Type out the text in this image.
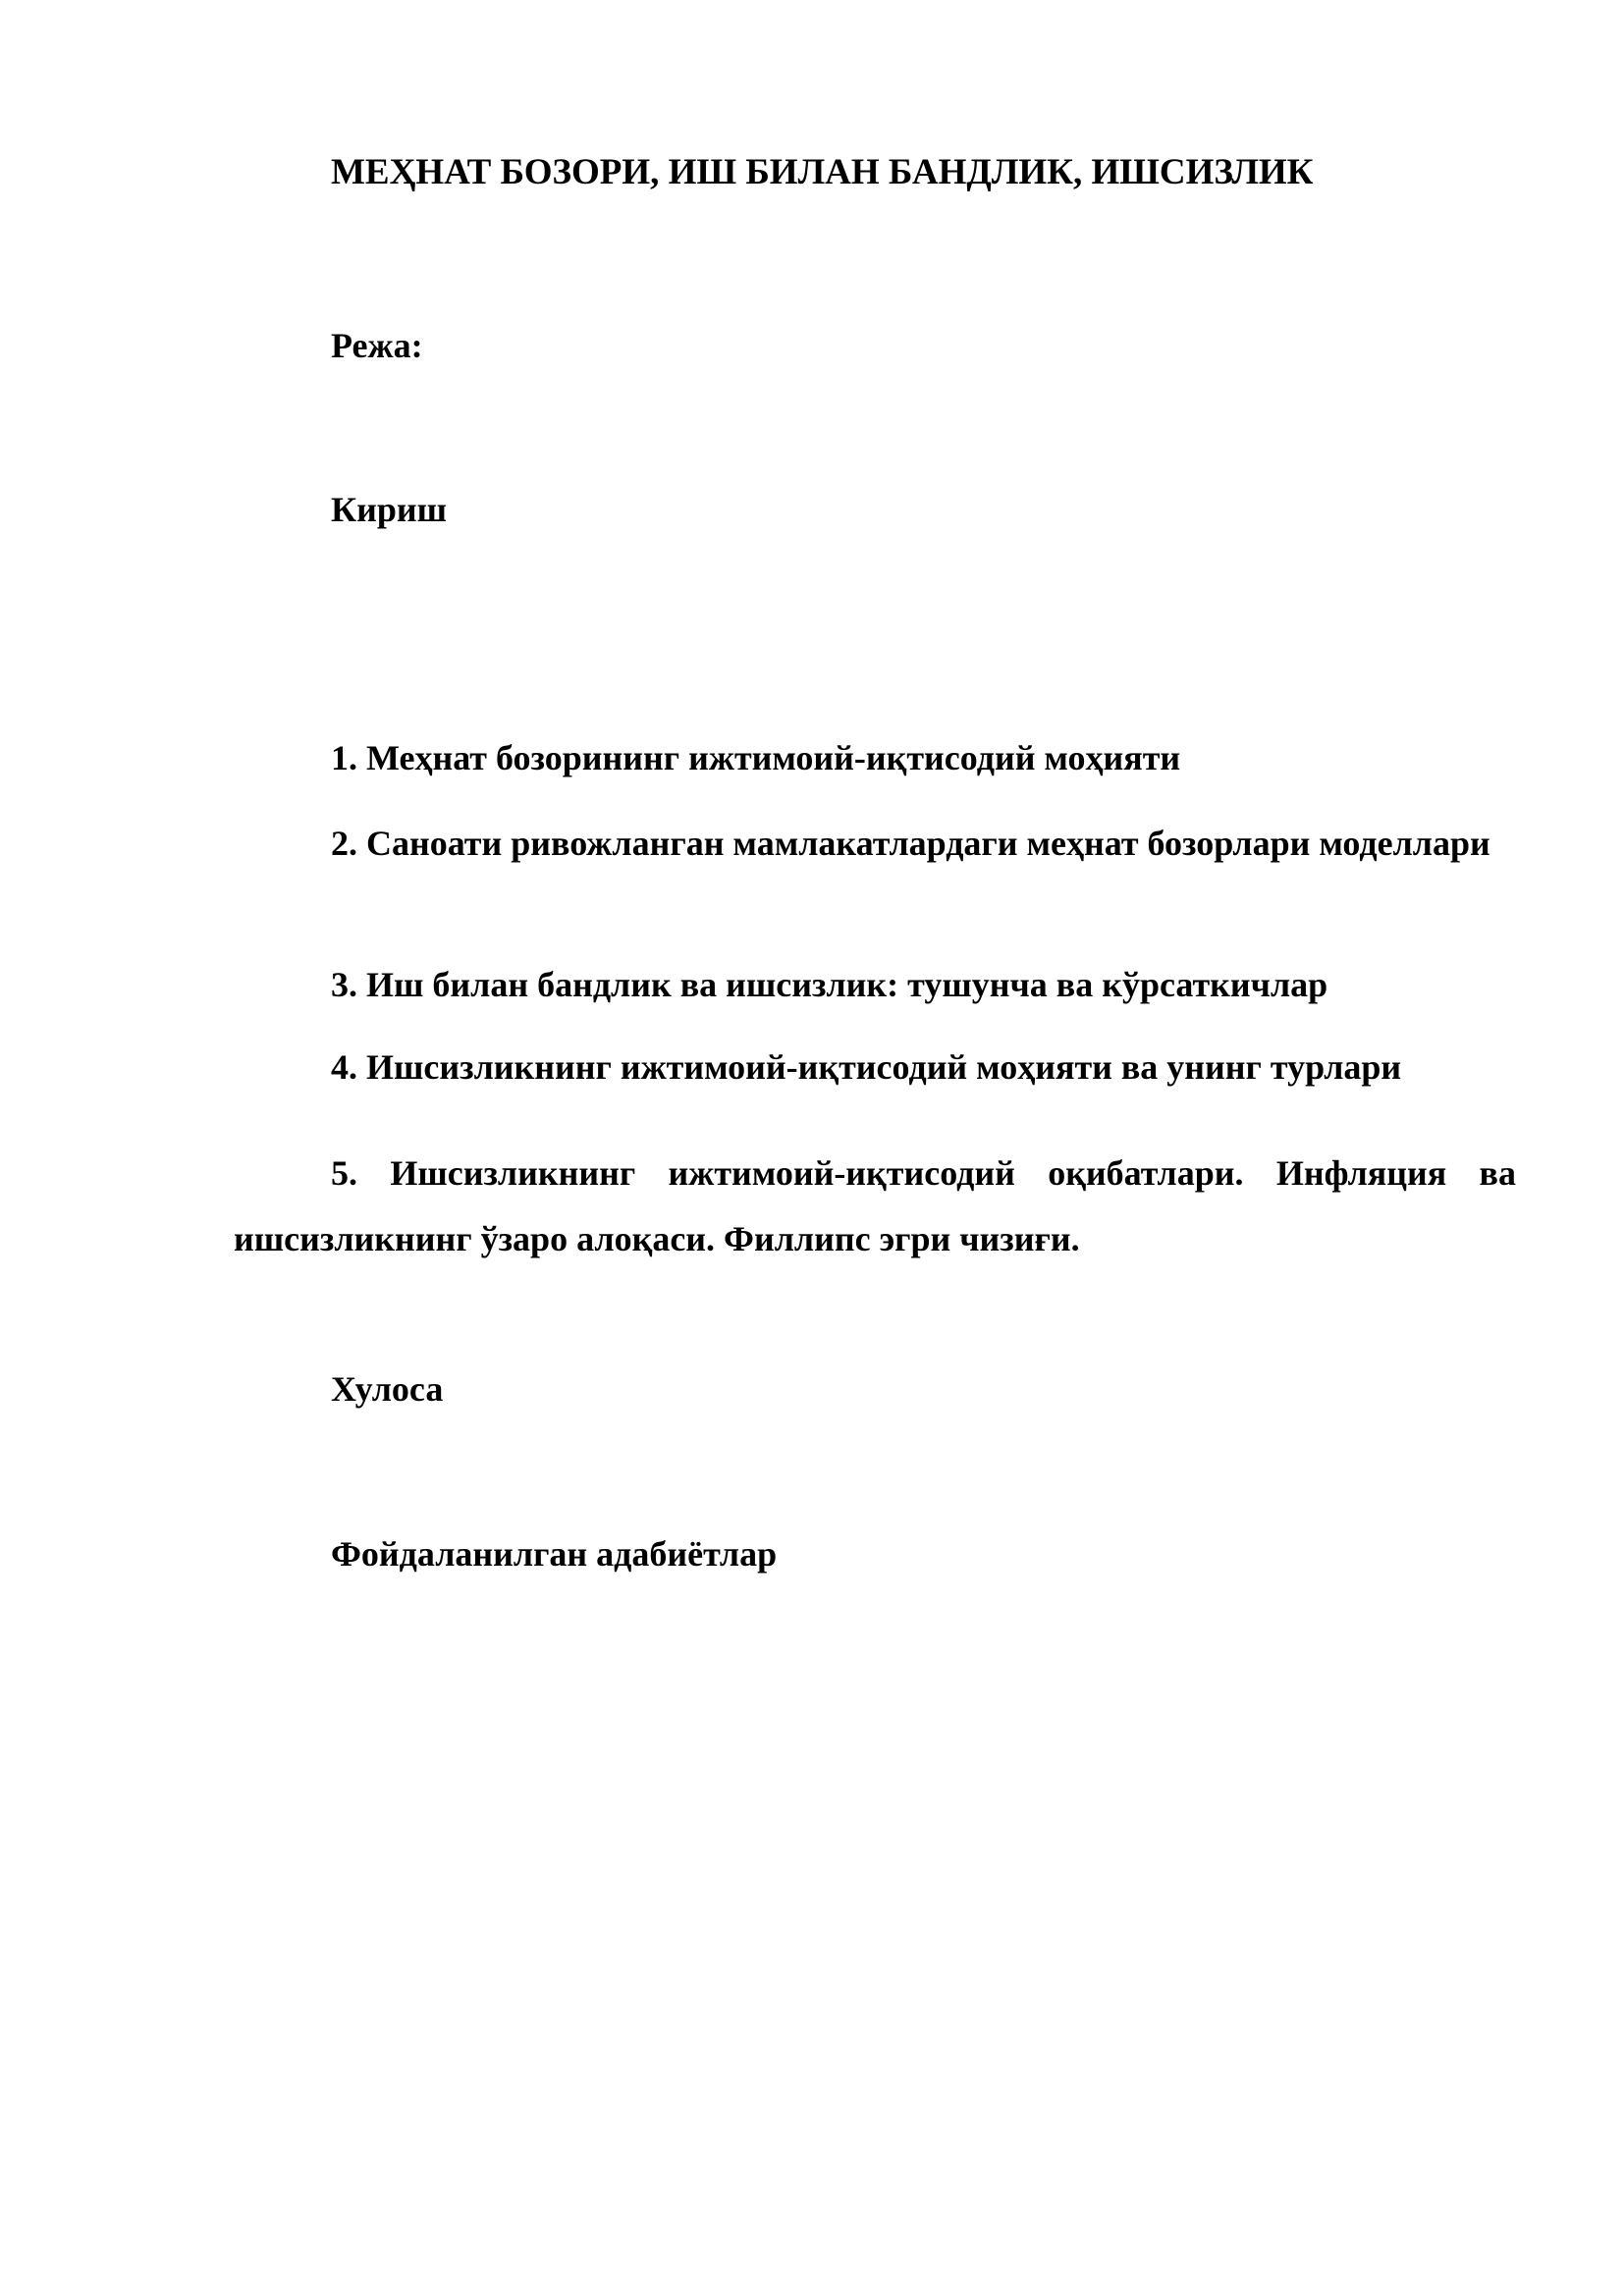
МЕҲНАТ БОЗОРИ, ИШ БИЛАН БАНДЛИК, ИШСИЗЛИК

Режа:

Кириш

1. Меҳнат бозорининг ижтимоий-иқтисодий моҳияти

2. Саноати ривожланган мамлакатлардаги меҳнат бозорлари моделлари

3. Иш билан бандлик ва ишсизлик: тушунча ва кўрсаткичлар

4. Ишсизликнинг ижтимоий-иқтисодий моҳияти ва унинг турлари

5. Ишсизликнинг ижтимоий-иқтисодий оқибатлари. Инфляция ва ишсизликнинг ўзаро алоқаси. Филлипс эгри чизиғи.

Хулоса

Фойдаланилган адабиётлар
